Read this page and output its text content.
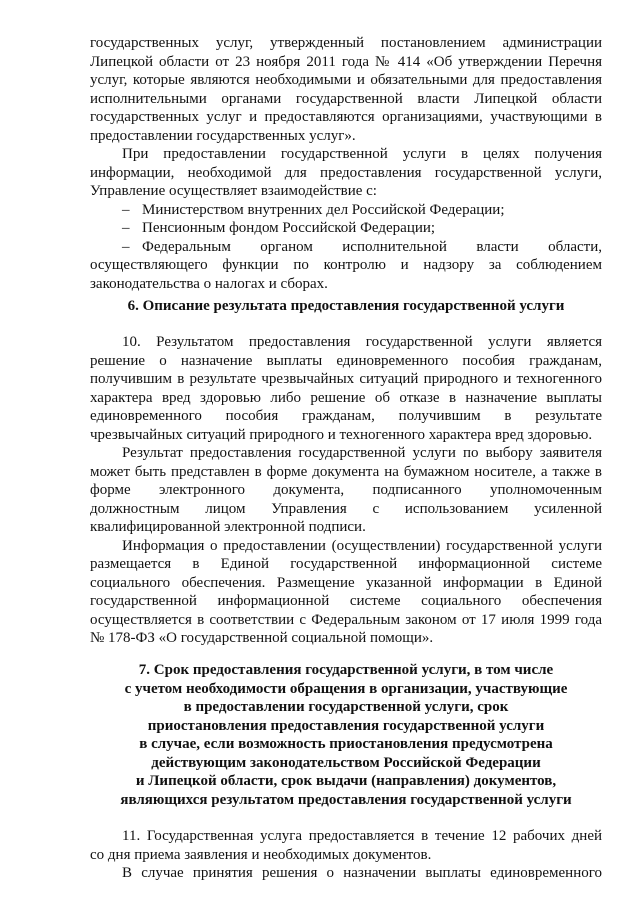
государственных услуг, утвержденный постановлением администрации

Липецкой области от 23 ноября 2011 года № 414 «Об утверждении Перечня

услуг, которые являются необходимыми и обязательными для предоставления

исполнительными органами государственной власти Липецкой области

государственных услуг и предоставляются организациями, участвующими в

предоставлении государственных услуг».

При предоставлении государственной услуги в целях получения

информации, необходимой для предоставления государственной услуги,

Управление осуществляет взаимодействие с:

– Министерством внутренних дел Российской Федерации;

– Пенсионным фондом Российской Федерации;

– Федеральным органом исполнительной власти области,

осуществляющего функции по контролю и надзору за соблюдением

законодательства о налогах и сборах.

6. Описание результата предоставления государственной услуги

10. Результатом предоставления государственной услуги является

решение о назначение выплаты единовременного пособия гражданам,

получившим в результате чрезвычайных ситуаций природного и техногенного

характера вред здоровью либо решение об отказе в назначение выплаты

единовременного пособия гражданам, получившим в результате

чрезвычайных ситуаций природного и техногенного характера вред здоровью.

Результат предоставления государственной услуги по выбору заявителя

может быть представлен в форме документа на бумажном носителе, а также в

форме электронного документа, подписанного уполномоченным

должностным лицом Управления с использованием усиленной

квалифицированной электронной подписи.

Информация о предоставлении (осуществлении) государственной услуги

размещается в Единой государственной информационной системе

социального обеспечения. Размещение указанной информации в Единой

государственной информационной системе социального обеспечения

осуществляется в соответствии с Федеральным законом от 17 июля 1999 года

№ 178-ФЗ «О государственной социальной помощи».

7. Срок предоставления государственной услуги, в том числе

с учетом необходимости обращения в организации, участвующие

в предоставлении государственной услуги, срок

приостановления предоставления государственной услуги

в случае, если возможность приостановления предусмотрена

действующим законодательством Российской Федерации

и Липецкой области, срок выдачи (направления) документов,

являющихся результатом предоставления государственной услуги

11. Государственная услуга предоставляется в течение 12 рабочих дней

со дня приема заявления и необходимых документов.

В случае принятия решения о назначении выплаты единовременного
